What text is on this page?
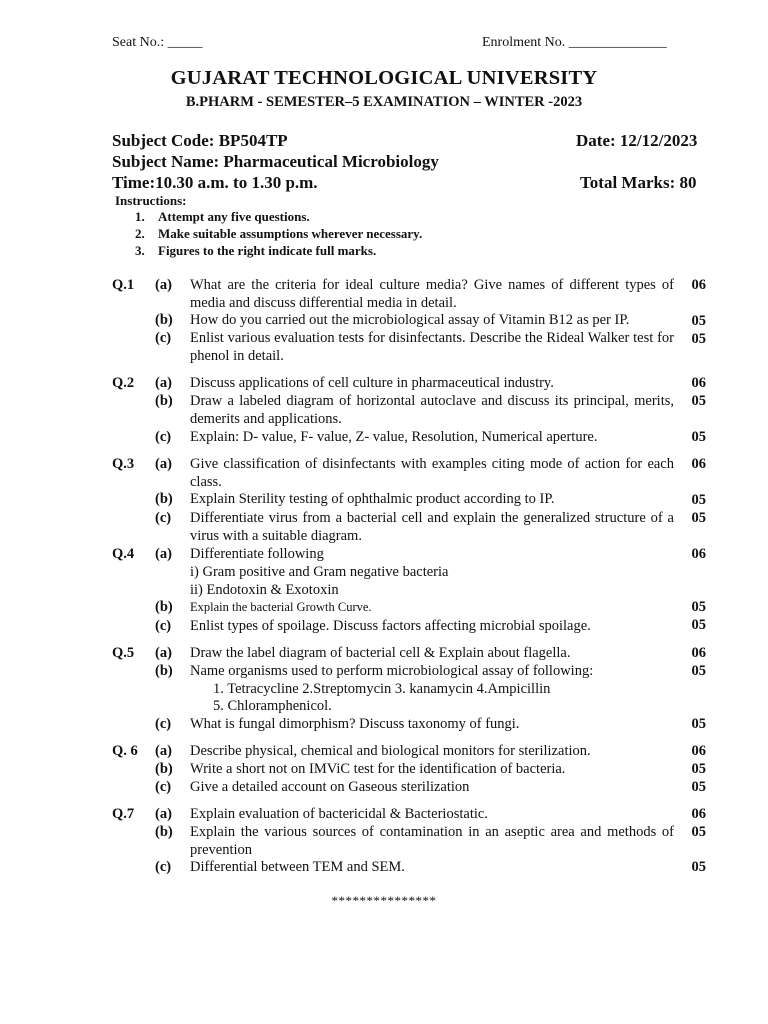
Seat No.: _____	Enrolment No. ______________
GUJARAT TECHNOLOGICAL UNIVERSITY
B.PHARM - SEMESTER–5 EXAMINATION – WINTER -2023
Subject Code: BP504TP	Date: 12/12/2023
Subject Name: Pharmaceutical Microbiology
Time:10.30 a.m. to 1.30 p.m.	Total Marks: 80
Instructions:
1. Attempt any five questions.
2. Make suitable assumptions wherever necessary.
3. Figures to the right indicate full marks.
Q.1 (a) What are the criteria for ideal culture media? Give names of different types of media and discuss differential media in detail.
06
(b) How do you carried out the microbiological assay of Vitamin B12 as per IP.	05
(c) Enlist various evaluation tests for disinfectants. Describe the Rideal Walker test for phenol in detail.
05
Q.2 (a) Discuss applications of cell culture in pharmaceutical industry.	06
(b) Draw a labeled diagram of horizontal autoclave and discuss its principal, merits, demerits and applications.
05
(c) Explain: D- value, F- value, Z- value, Resolution, Numerical aperture.	05
Q.3 (a) Give classification of disinfectants with examples citing mode of action for each class.
06
(b) Explain Sterility testing of ophthalmic product according to IP.	05
(c) Differentiate virus from a bacterial cell and explain the generalized structure of a virus with a suitable diagram.
05
Q.4 (a) Differentiate following	06
i) Gram positive and Gram negative bacteria
ii) Endotoxin & Exotoxin
(b) Explain the bacterial Growth Curve.	05
(c) Enlist types of spoilage. Discuss factors affecting microbial spoilage.	05
Q.5 (a) Draw the label diagram of bacterial cell & Explain about flagella.	06
(b) Name organisms used to perform microbiological assay of following:	05
1. Tetracycline 2.Streptomycin 3. kanamycin 4.Ampicillin
5. Chloramphenicol.
(c) What is fungal dimorphism? Discuss taxonomy of fungi.	05
Q. 6 (a) Describe physical, chemical and biological monitors for sterilization.	06
(b) Write a short not on IMViC test for the identification of bacteria.	05
(c) Give a detailed account on Gaseous sterilization	05
Q.7 (a) Explain evaluation of bactericidal & Bacteriostatic.	06
(b) Explain the various sources of contamination in an aseptic area and methods of prevention
05
(c) Differential between TEM and SEM.	05
***************
